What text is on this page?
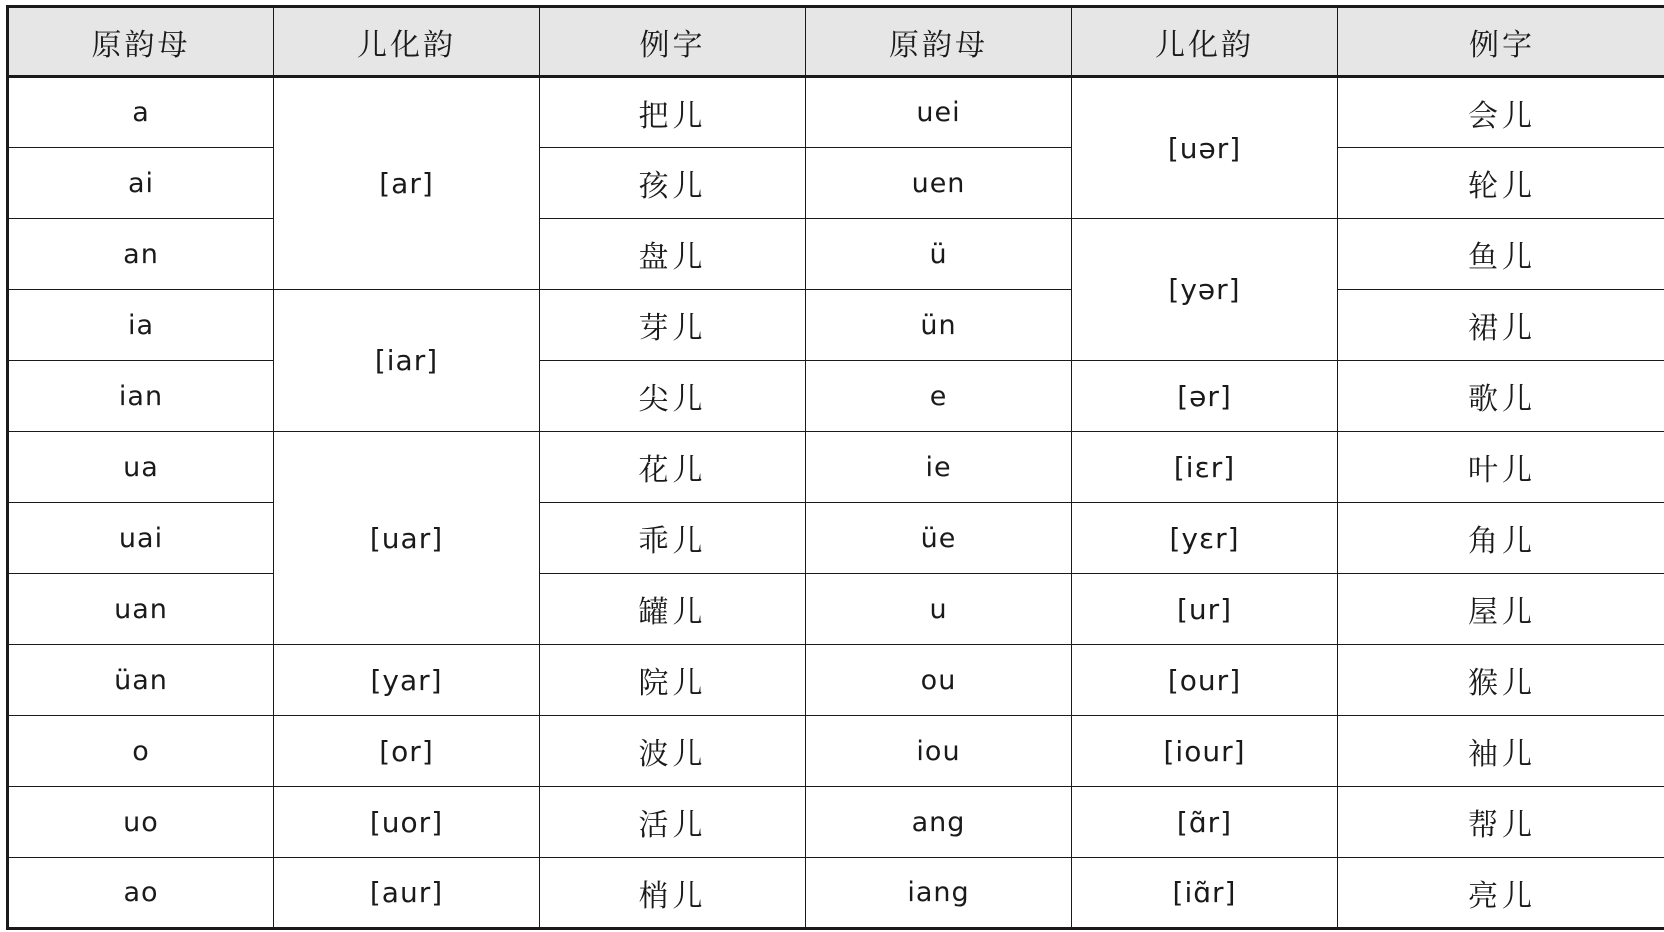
原韵母	儿化韵	例字	原韵母	儿化韵	例字
a	[ar]	把儿	uei	[uər]	会儿
ai		孩儿	uen		轮儿
an		盘儿	ü	[yər]	鱼儿
ia	[iar]	芽儿	ün		裙儿
ian		尖儿	e	[ər]	歌儿
ua	[uar]	花儿	ie	[iɛr]	叶儿
uai		乖儿	üe	[yɛr]	角儿
uan		罐儿	u	[ur]	屋儿
üan	[yar]	院儿	ou	[our]	猴儿
o	[or]	波儿	iou	[iour]	袖儿
uo	[uor]	活儿	ang	[ɑ̃r]	帮儿
ao	[aur]	梢儿	iang	[iɑ̃r]	亮儿
